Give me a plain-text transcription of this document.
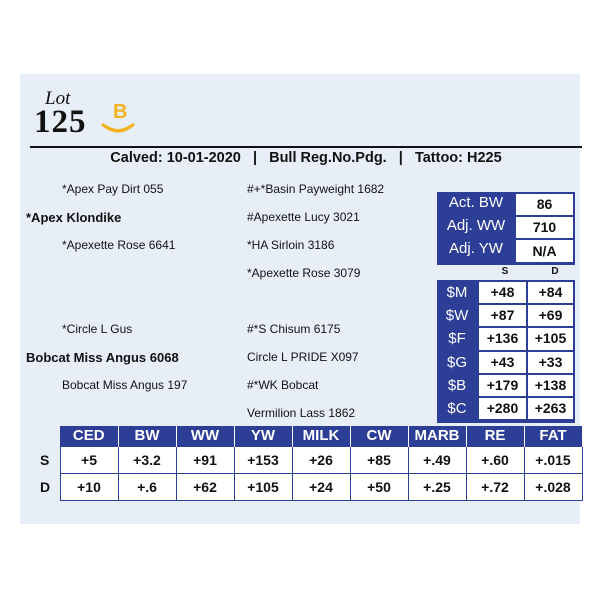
Lot
125 B
Calved: 10-01-2020   |   Bull Reg.No.Pdg.   |   Tattoo: H225
*Apex Pay Dirt 055
*Apex Klondike
*Apexette Rose 6641
#+*Basin Payweight 1682
#Apexette Lucy 3021
*HA Sirloin 3186
*Apexette Rose 3079
*Circle L Gus
Bobcat Miss Angus 6068
Bobcat Miss Angus 197
#*S Chisum 6175
Circle L PRIDE X097
#*WK Bobcat
Vermilion Lass 1862
Act. BW	86
Adj. WW	710
Adj. YW	N/A
S	D
$M	+48	+84
$W	+87	+69
$F	+136	+105
$G	+43	+33
$B	+179	+138
$C	+280	+263
	CED	BW	WW	YW	MILK	CW	MARB	RE	FAT
S	+5	+3.2	+91	+153	+26	+85	+.49	+.60	+.015
D	+10	+.6	+62	+105	+24	+50	+.25	+.72	+.028
